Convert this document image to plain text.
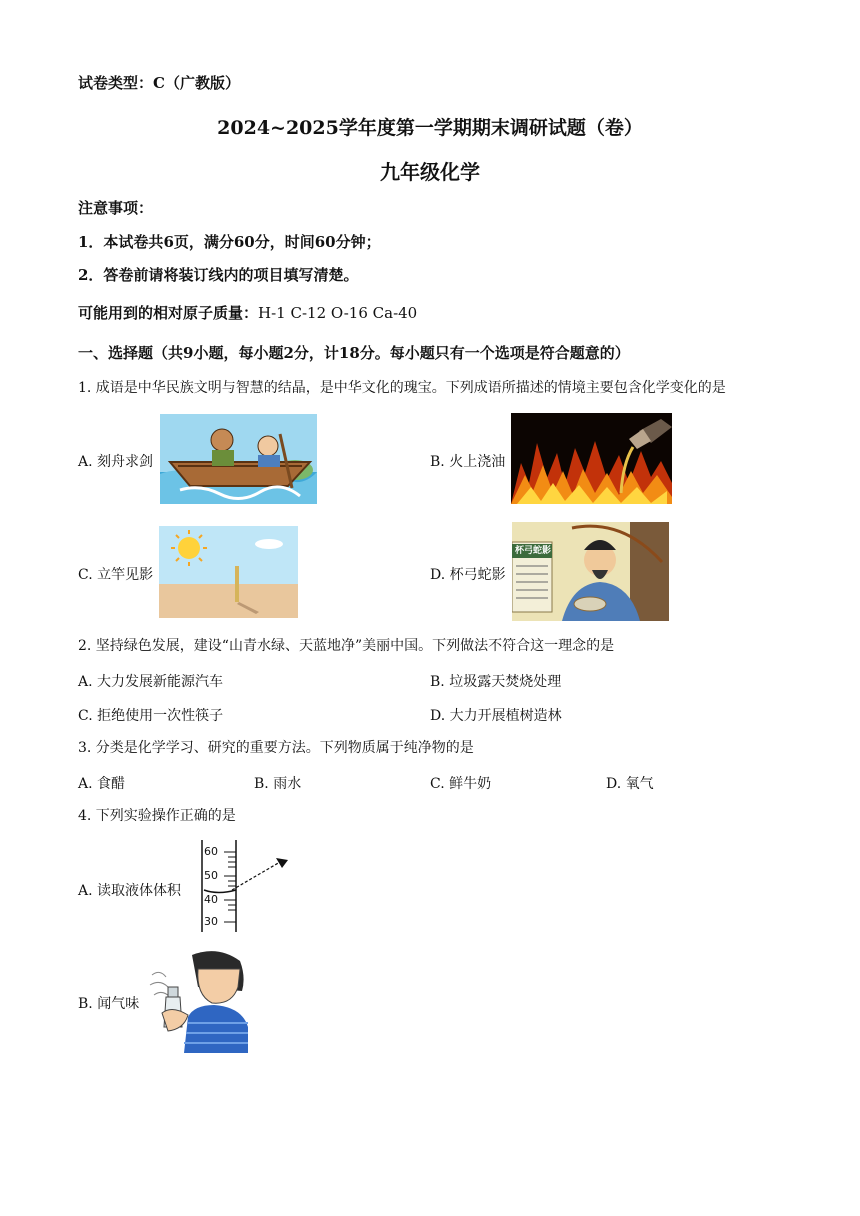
试卷类型：C（广教版）
2024~2025学年度第一学期期末调研试题（卷）
九年级化学
注意事项：
1．本试卷共6页，满分60分，时间60分钟；
2．答卷前请将装订线内的项目填写清楚。
可能用到的相对原子质量：H-1 C-12 O-16 Ca-40
一、选择题（共9小题，每小题2分，计18分。每小题只有一个选项是符合题意的）
1. 成语是中华民族文明与智慧的结晶，是中华文化的瑰宝。下列成语所描述的情境主要包含化学变化的是
A. 刻舟求剑	B. 火上浇油
C. 立竿见影	D. 杯弓蛇影
杯弓蛇影
2. 坚持绿色发展，建设“山青水绿、天蓝地净”美丽中国。下列做法不符合这一理念的是
A. 大力发展新能源汽车	B. 垃圾露天焚烧处理
C. 拒绝使用一次性筷子	D. 大力开展植树造林
3. 分类是化学学习、研究的重要方法。下列物质属于纯净物的是
A. 食醋	B. 雨水	C. 鲜牛奶	D. 氧气
4. 下列实验操作正确的是
A. 读取液体体积
B. 闻气味
60
50
40
30
